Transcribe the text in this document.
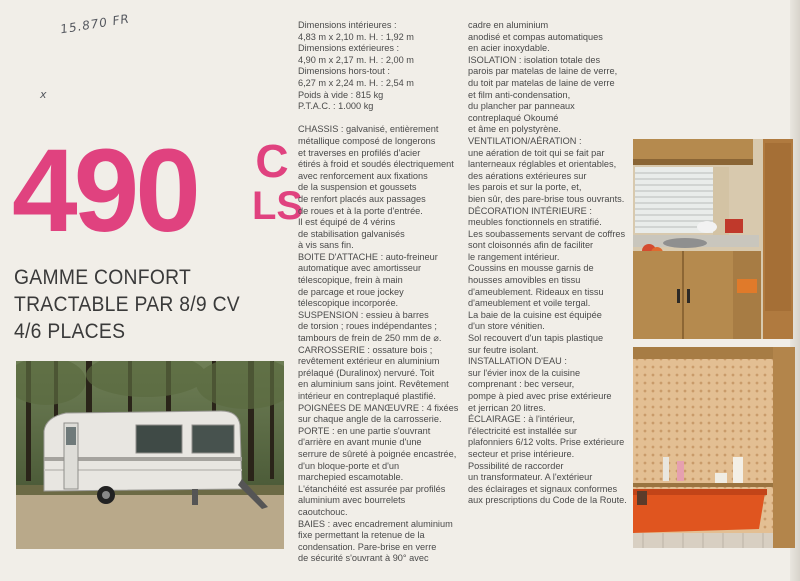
15.870 FR
x
490 C
LS
GAMME CONFORT
TRACTABLE PAR 8/9 CV
4/6 PLACES
Dimensions intérieures :
4,83 m x 2,10 m. H. : 1,92 m
Dimensions extérieures :
4,90 m x 2,17 m. H. : 2,00 m
Dimensions hors-tout :
6,27 m x 2,24 m. H. : 2,54 m
Poids à vide : 815 kg
P.T.A.C. : 1.000 kg
CHASSIS : galvanisé, entièrement
métallique composé de longerons
et traverses en profilés d'acier
étirés à froid et soudés électriquement
avec renforcement aux fixations
de la suspension et goussets
de renfort placés aux passages
de roues et à la porte d'entrée.
Il est équipé de 4 vérins
de stabilisation galvanisés
à vis sans fin.
BOITE D'ATTACHE : auto-freineur
automatique avec amortisseur
télescopique, frein à main
de parcage et roue jockey
télescopique incorporée.
SUSPENSION : essieu à barres
de torsion ; roues indépendantes ;
tambours de frein de 250 mm de ⌀.
CARROSSERIE : ossature bois ;
revêtement extérieur en aluminium
prélaqué (Duralinox) nervuré. Toit
en aluminium sans joint. Revêtement
intérieur en contreplaqué plastifié.
POIGNÉES DE MANŒUVRE : 4 fixées
sur chaque angle de la carrosserie.
PORTE : en une partie s'ouvrant
d'arrière en avant munie d'une
serrure de sûreté à poignée encastrée,
d'un bloque-porte et d'un
marchepied escamotable.
L'étanchéité est assurée par profilés
aluminium avec bourrelets
caoutchouc.
BAIES : avec encadrement aluminium
fixe permettant la retenue de la
condensation. Pare-brise en verre
de sécurité s'ouvrant à 90° avec
cadre en aluminium
anodisé et compas automatiques
en acier inoxydable.
ISOLATION : isolation totale des
parois par matelas de laine de verre,
du toit par matelas de laine de verre
et film anti-condensation,
du plancher par panneaux
contreplaqué Okoumé
et âme en polystyrène.
VENTILATION/AÉRATION :
une aération de toit qui se fait par
lanterneaux réglables et orientables,
des aérations extérieures sur
les parois et sur la porte, et,
bien sûr, des pare-brise tous ouvrants.
DÉCORATION INTÉRIEURE :
meubles fonctionnels en stratifié.
Les soubassements servant de coffres
sont cloisonnés afin de faciliter
le rangement intérieur.
Coussins en mousse garnis de
housses amovibles en tissu
d'ameublement. Rideaux en tissu
d'ameublement et voile tergal.
La baie de la cuisine est équipée
d'un store vénitien.
Sol recouvert d'un tapis plastique
sur feutre isolant.
INSTALLATION D'EAU :
sur l'évier inox de la cuisine
comprenant : bec verseur,
pompe à pied avec prise extérieure
et jerrican 20 litres.
ÉCLAIRAGE : à l'intérieur,
l'électricité est installée sur
plafonniers 6/12 volts. Prise extérieure
secteur et prise intérieure.
Possibilité de raccorder
un transformateur. A l'extérieur
des éclairages et signaux conformes
aux prescriptions du Code de la Route.
